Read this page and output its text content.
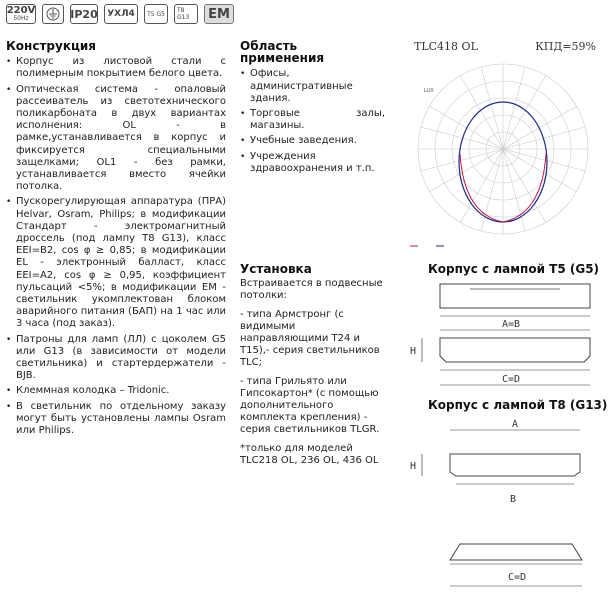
220V
50Hz	IP20	УХЛ4	T5 G5 T8 G13	EM
Конструкция
• Корпус из листовой стали с полимерным покрытием белого цвета.
• Оптическая система - опаловый рассеиватель из светотехнического поликарбоната в двух вариантах исполнения: OL - в рамке,устанавливается в корпус и фиксируется специальными защелками; OL1 - без рамки, устанавливается вместо ячейки потолка.
• Пускорегулирующая аппаратура (ПРА) Helvar, Osram, Philips; в модификации Стандарт - электромагнитный дроссель (под лампу T8 G13), класс EEI=B2, cos φ ≥ 0,85; в модификации EL - электронный балласт, класс EEI=A2, cos φ ≥ 0,95, коэффициент пульсаций <5%; в модификации EM - светильник укомплектован блоком аварийного питания (БАП) на 1 час или 3 часа (под заказ).
• Патроны для ламп (ЛЛ) с цоколем G5 или G13 (в зависимости от модели светильника) и стартердержатели - BJB.
• Клеммная колодка – Tridonic.
• В светильник по отдельному заказу могут быть установлены лампы Osram или Philips.
Область применения
• Офисы, административные здания.
• Торговые залы, магазины.
• Учебные заведения.
• Учреждения здравоохранения и т.п.
Установка

Встраивается в подвесные потолки:

- типа Армстронг (с видимыми направляющими T24 и T15),- серия светильников TLC;

- типа Грильято или Гипсокартон* (с помощью дополнительного комплекта крепления) - серия светильников TLGR.

*только для моделей TLC218 OL, 236 OL, 436 OL

TLC418 OL	КПД=59%
LUX
Корпус с лампой T5 (G5)
A=B
H
C=D
Корпус с лампой T8 (G13)
A
H
B
C=D
